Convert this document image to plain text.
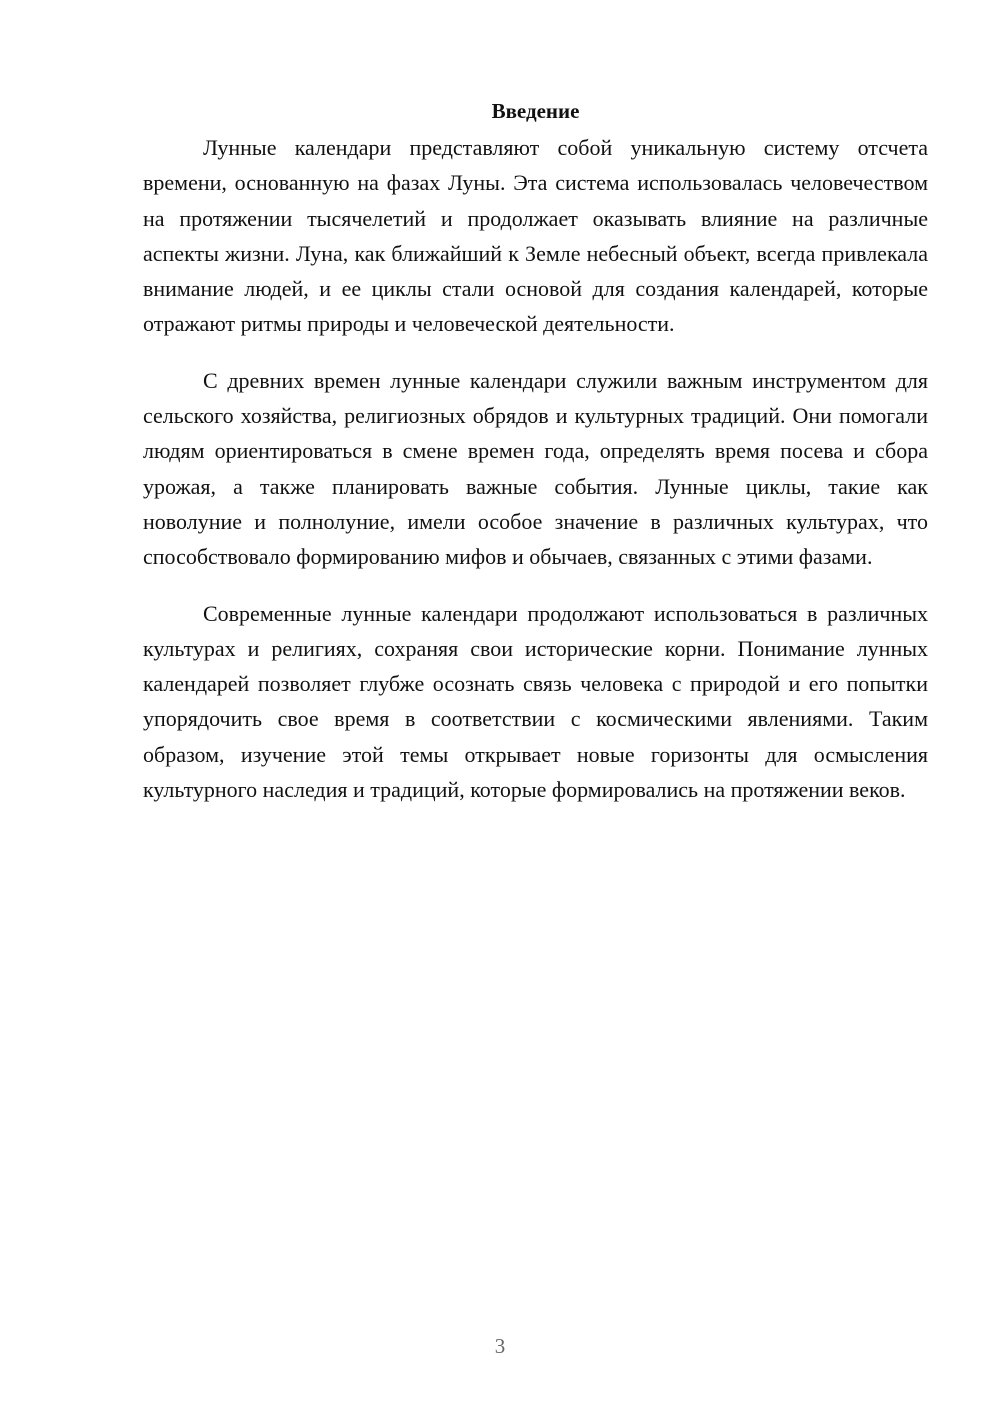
Введение

Лунные календари представляют собой уникальную систему отсчета времени, основанную на фазах Луны. Эта система использовалась человечеством на протяжении тысячелетий и продолжает оказывать влияние на различные аспекты жизни. Луна, как ближайший к Земле небесный объект, всегда привлекала внимание людей, и ее циклы стали основой для создания календарей, которые отражают ритмы природы и человеческой деятельности.

С древних времен лунные календари служили важным инструментом для сельского хозяйства, религиозных обрядов и культурных традиций. Они помогали людям ориентироваться в смене времен года, определять время посева и сбора урожая, а также планировать важные события. Лунные циклы, такие как новолуние и полнолуние, имели особое значение в различных культурах, что способствовало формированию мифов и обычаев, связанных с этими фазами.

Современные лунные календари продолжают использоваться в различных культурах и религиях, сохраняя свои исторические корни. Понимание лунных календарей позволяет глубже осознать связь человека с природой и его попытки упорядочить свое время в соответствии с космическими явлениями. Таким образом, изучение этой темы открывает новые горизонты для осмысления культурного наследия и традиций, которые формировались на протяжении веков.

3
